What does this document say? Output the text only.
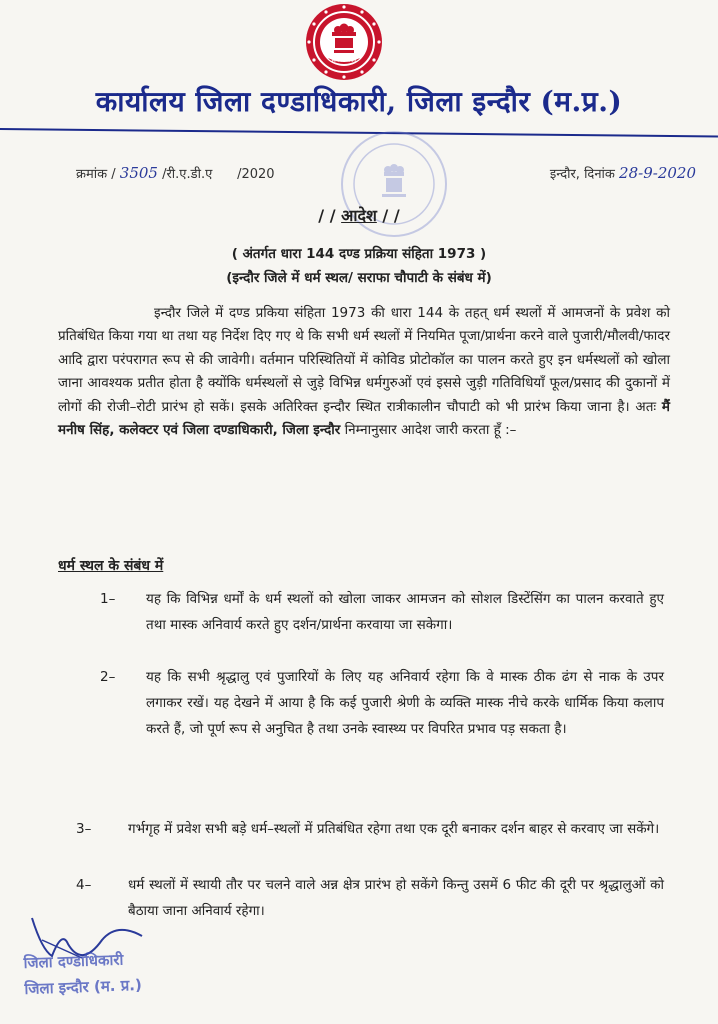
सत्यमेव जयते
कार्यालय जिला दण्डाधिकारी, जिला इन्दौर (म.प्र.)
क्रमांक / 3505 /री.ए.डी.ए /2020	इन्दौर, दिनांक 28-9-2020
/ / आदेश / /
( अंतर्गत धारा 144 दण्ड प्रक्रिया संहिता 1973 )
(इन्दौर जिले में धर्म स्थल/ सराफा चौपाटी के संबंध में)
इन्दौर जिले में दण्ड प्रकिया संहिता 1973 की धारा 144 के तहत् धर्म स्थलों में आमजनों के प्रवेश को प्रतिबंधित किया गया था तथा यह निर्देश दिए गए थे कि सभी धर्म स्थलों में नियमित पूजा/प्रार्थना करने वाले पुजारी/मौलवी/फादर आदि द्वारा परंपरागत रूप से की जावेगी। वर्तमान परिस्थितियों में कोविड प्रोटोकॉल का पालन करते हुए इन धर्मस्थलों को खोला जाना आवश्यक प्रतीत होता है क्योंकि धर्मस्थलों से जुड़े विभिन्न धर्मगुरुओं एवं इससे जुड़ी गतिविधियॉं फूल/प्रसाद की दुकानों में लोगों की रोजी–रोटी प्रारंभ हो सकें। इसके अतिरिक्त इन्दौर स्थित रात्रीकालीन चौपाटी को भी प्रारंभ किया जाना है। अतः मैं मनीष सिंह, कलेक्टर एवं जिला दण्डाधिकारी, जिला इन्दौर निम्नानुसार आदेश जारी करता हूँ :–
धर्म स्थल के संबंध में
1– यह कि विभिन्न धर्मों के धर्म स्थलों को खोला जाकर आमजन को सोशल डिस्टेंसिंग का पालन करवाते हुए तथा मास्क अनिवार्य करते हुए दर्शन/प्रार्थना करवाया जा सकेगा।
2– यह कि सभी श्रृद्धालु एवं पुजारियों के लिए यह अनिवार्य रहेगा कि वे मास्क ठीक ढंग से नाक के उपर लगाकर रखें। यह देखने में आया है कि कई पुजारी श्रेणी के व्यक्ति मास्क नीचे करके धार्मिक किया कलाप करते हैं, जो पूर्ण रूप से अनुचित है तथा उनके स्वास्थ्य पर विपरित प्रभाव पड़ सकता है।
3–	गर्भगृह में प्रवेश सभी बड़े धर्म–स्थलों में प्रतिबंधित रहेगा तथा एक दूरी बनाकर दर्शन बाहर से करवाए जा सकेंगे।
4–	धर्म स्थलों में स्थायी तौर पर चलने वाले अन्न क्षेत्र प्रारंभ हो सकेंगे किन्तु उसमें 6 फीट की दूरी पर श्रृद्धालुओं को बैठाया जाना अनिवार्य रहेगा।
जिला दण्डाधिकारी
जिला इन्दौर (म. प्र.)
